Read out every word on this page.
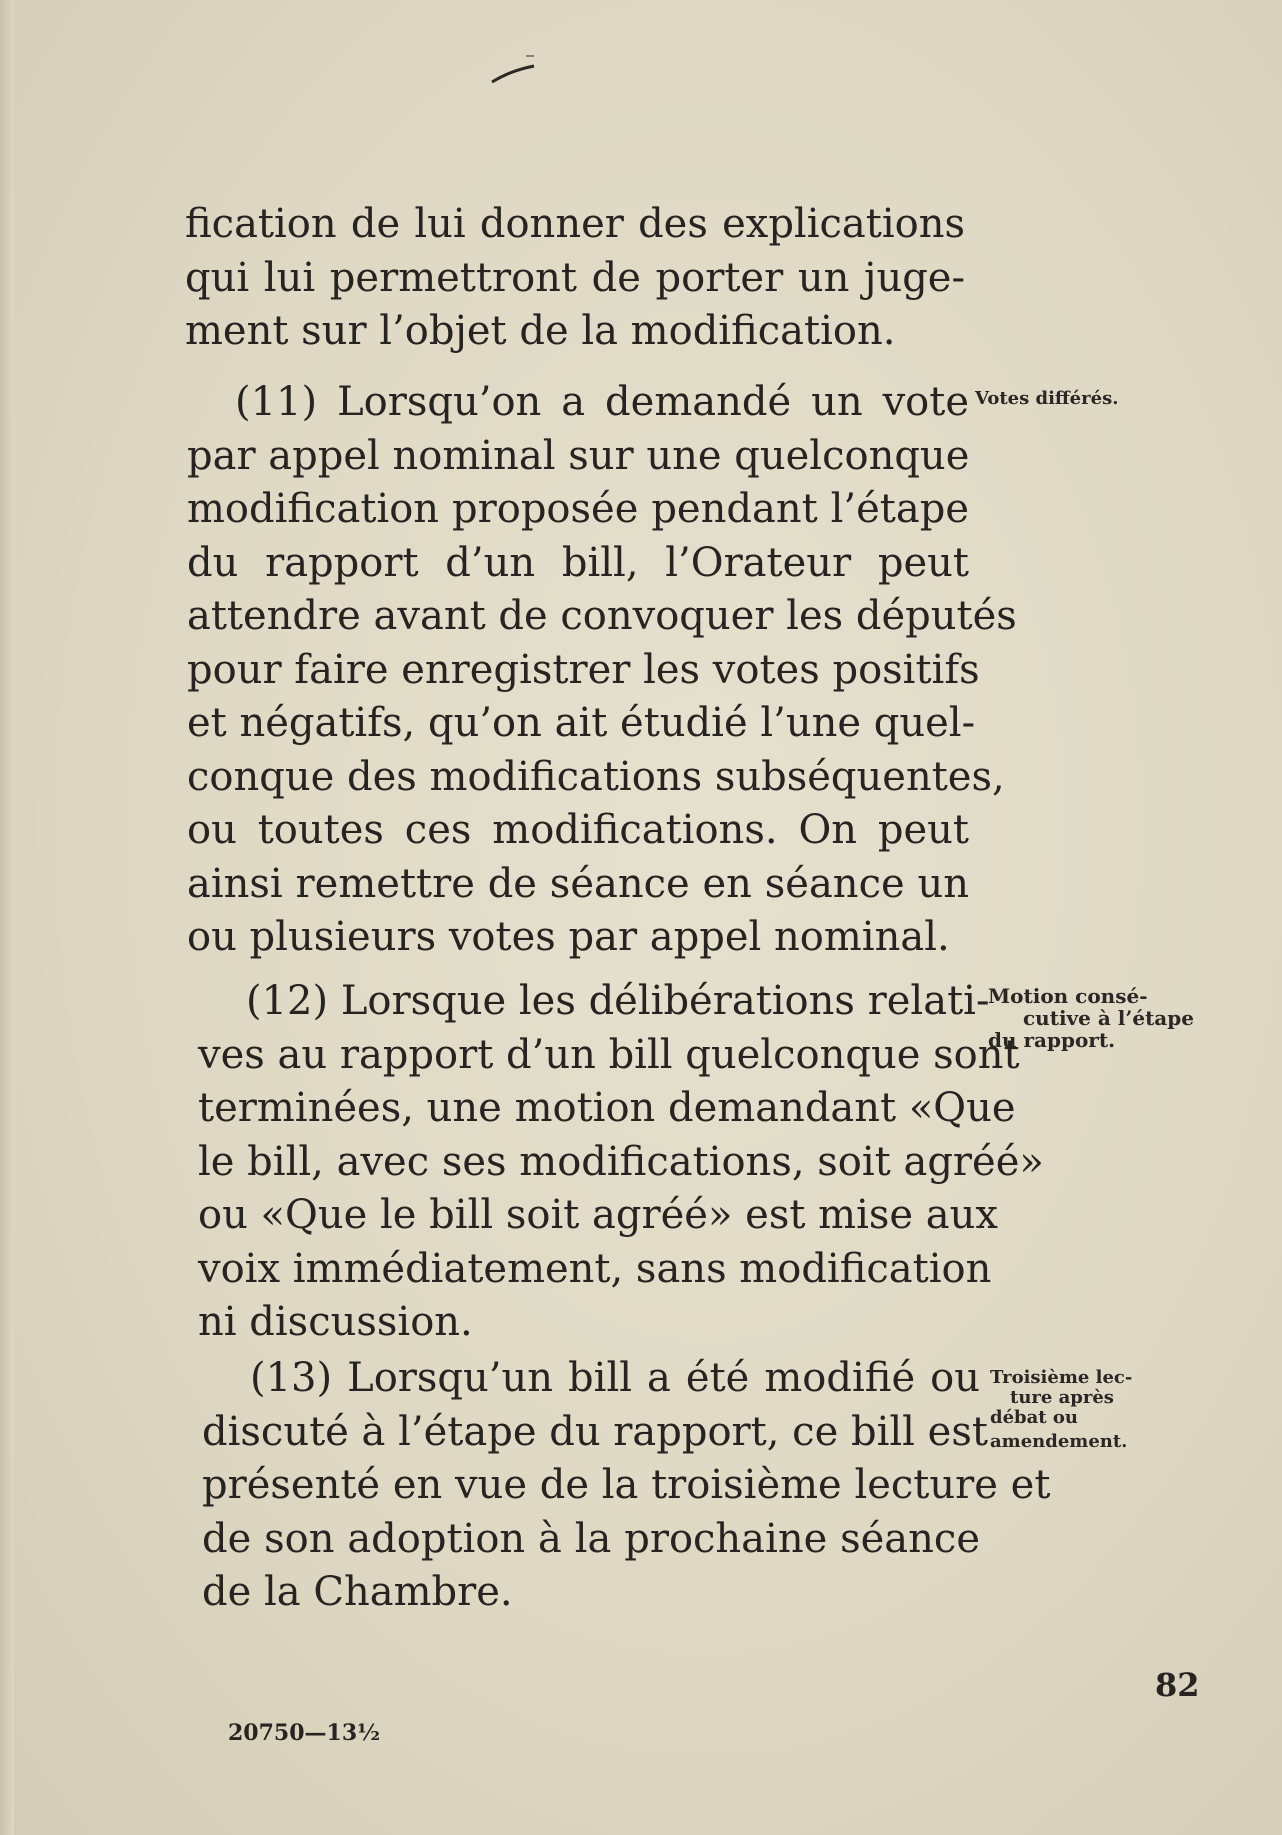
fication de lui donner des explications
qui lui permettront de porter un juge-
ment sur l’objet de la modification.
(11) Lorsqu’on a demandé un vote
par appel nominal sur une quelconque
modification proposée pendant l’étape
du rapport d’un bill, l’Orateur peut
attendre avant de convoquer les députés
pour faire enregistrer les votes positifs
et négatifs, qu’on ait étudié l’une quel-
conque des modifications subséquentes,
ou toutes ces modifications. On peut
ainsi remettre de séance en séance un
ou plusieurs votes par appel nominal.
(12) Lorsque les délibérations relati-
ves au rapport d’un bill quelconque sont
terminées, une motion demandant «Que
le bill, avec ses modifications, soit agréé»
ou «Que le bill soit agréé» est mise aux
voix immédiatement, sans modification
ni discussion.
(13) Lorsqu’un bill a été modifié ou
discuté à l’étape du rapport, ce bill est
présenté en vue de la troisième lecture et
de son adoption à la prochaine séance
de la Chambre.
Votes différés.
Motion consé-
cutive à l’étape
du rapport.
Troisième lec-
ture après
débat ou
amendement.
82
20750—13½
